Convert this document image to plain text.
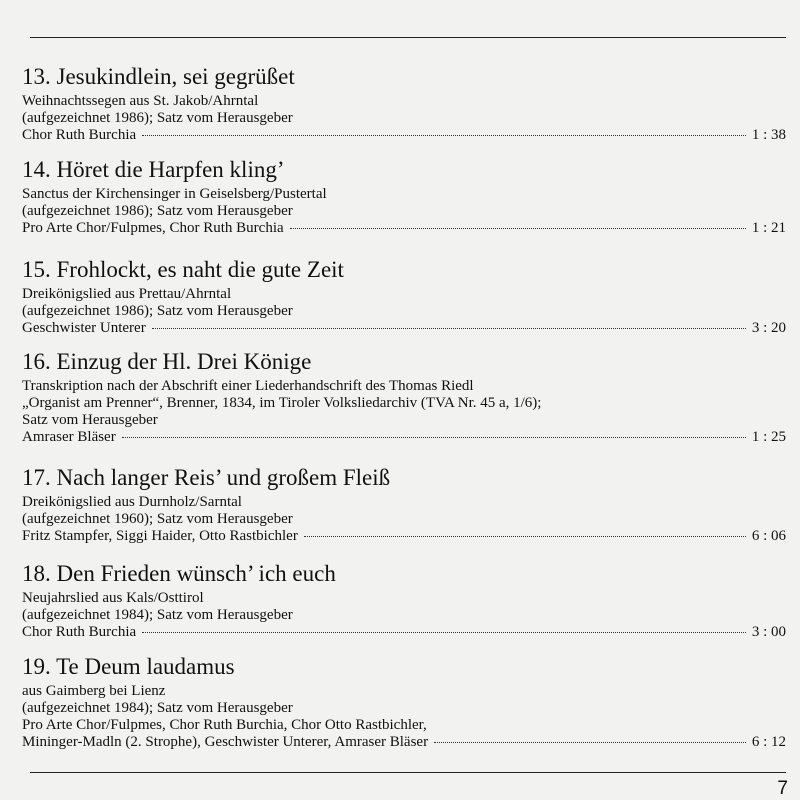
13. Jesukindlein, sei gegrüßet
Weihnachtssegen aus St. Jakob/Ahrntal
(aufgezeichnet 1986); Satz vom Herausgeber
Chor Ruth Burchia	1 : 38
14. Höret die Harpfen kling’
Sanctus der Kirchensinger in Geiselsberg/Pustertal
(aufgezeichnet 1986); Satz vom Herausgeber
Pro Arte Chor/Fulpmes, Chor Ruth Burchia	1 : 21
15. Frohlockt, es naht die gute Zeit
Dreikönigslied aus Prettau/Ahrntal
(aufgezeichnet 1986); Satz vom Herausgeber
Geschwister Unterer	3 : 20
16. Einzug der Hl. Drei Könige
Transkription nach der Abschrift einer Liederhandschrift des Thomas Riedl
„Organist am Prenner“, Brenner, 1834, im Tiroler Volksliedarchiv (TVA Nr. 45 a, 1/6);
Satz vom Herausgeber
Amraser Bläser	1 : 25
17. Nach langer Reis’ und großem Fleiß
Dreikönigslied aus Durnholz/Sarntal
(aufgezeichnet 1960); Satz vom Herausgeber
Fritz Stampfer, Siggi Haider, Otto Rastbichler	6 : 06
18. Den Frieden wünsch’ ich euch
Neujahrslied aus Kals/Osttirol
(aufgezeichnet 1984); Satz vom Herausgeber
Chor Ruth Burchia	3 : 00
19. Te Deum laudamus
aus Gaimberg bei Lienz
(aufgezeichnet 1984); Satz vom Herausgeber
Pro Arte Chor/Fulpmes, Chor Ruth Burchia, Chor Otto Rastbichler,
Mininger-Madln (2. Strophe), Geschwister Unterer, Amraser Bläser	6 : 12
7
